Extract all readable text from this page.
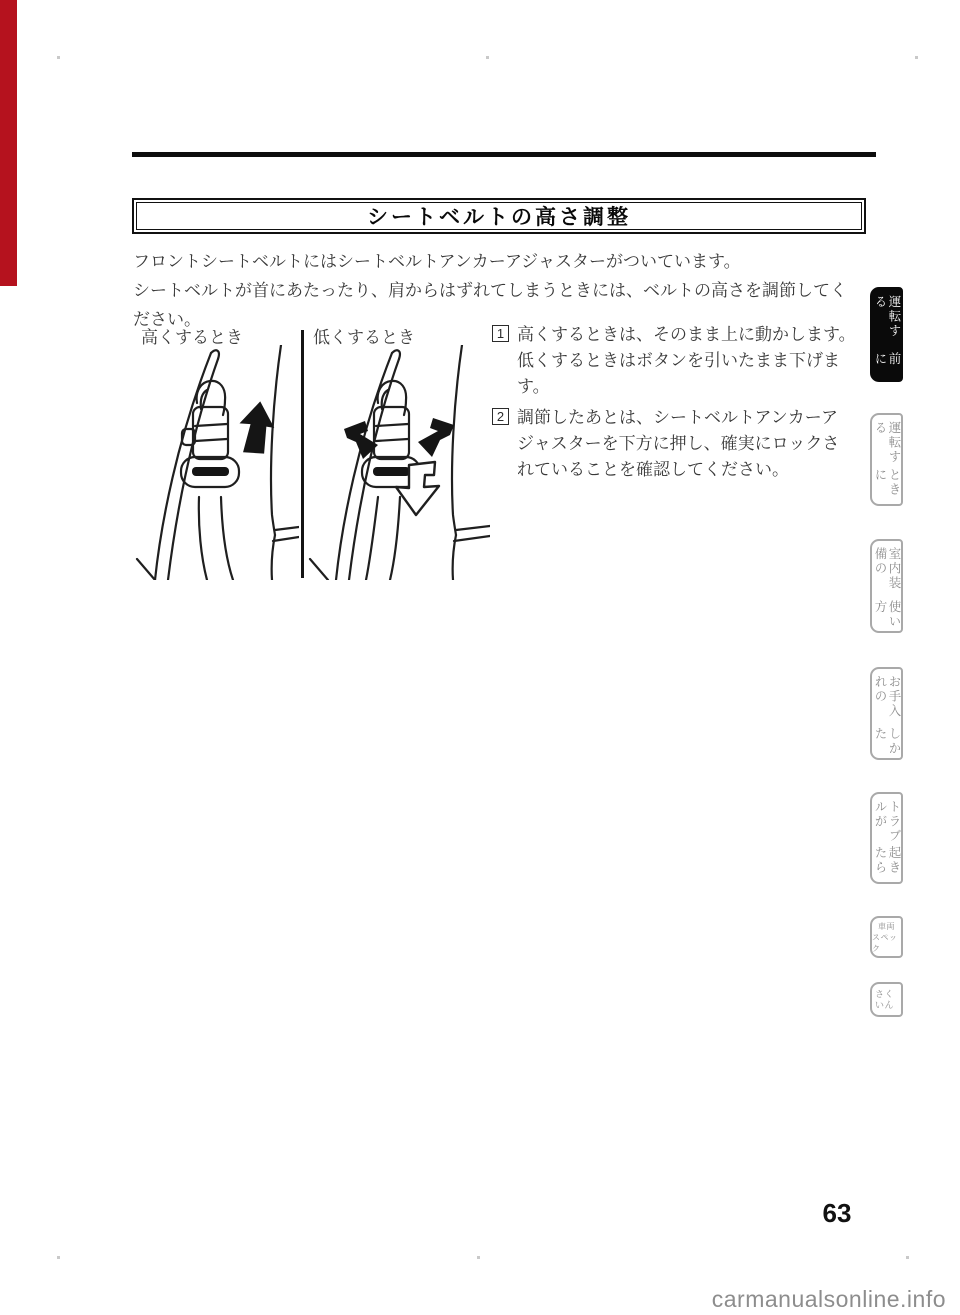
シートベルトの高さ調整
フロントシートベルトにはシートベルトアンカーアジャスターがついています。
シートベルトが首にあたったり、肩からはずれてしまうときには、ベルトの高さを調節してく
ださい。
高くするとき	低くするとき	1 高くするときは、そのまま上に動かします。
低くするときはボタンを引いたまま下げま
す。
2 調節したあとは、シートベルトアンカーア
ジャスターを下方に押し、確実にロックさ
れていることを確認してください。
運転する
前に
運転する
ときに
室内装備の
使い方
お手入れの
しかた
トラブルが
起きたら
車両
スペック
さくいん
63
carmanualsonline.info
